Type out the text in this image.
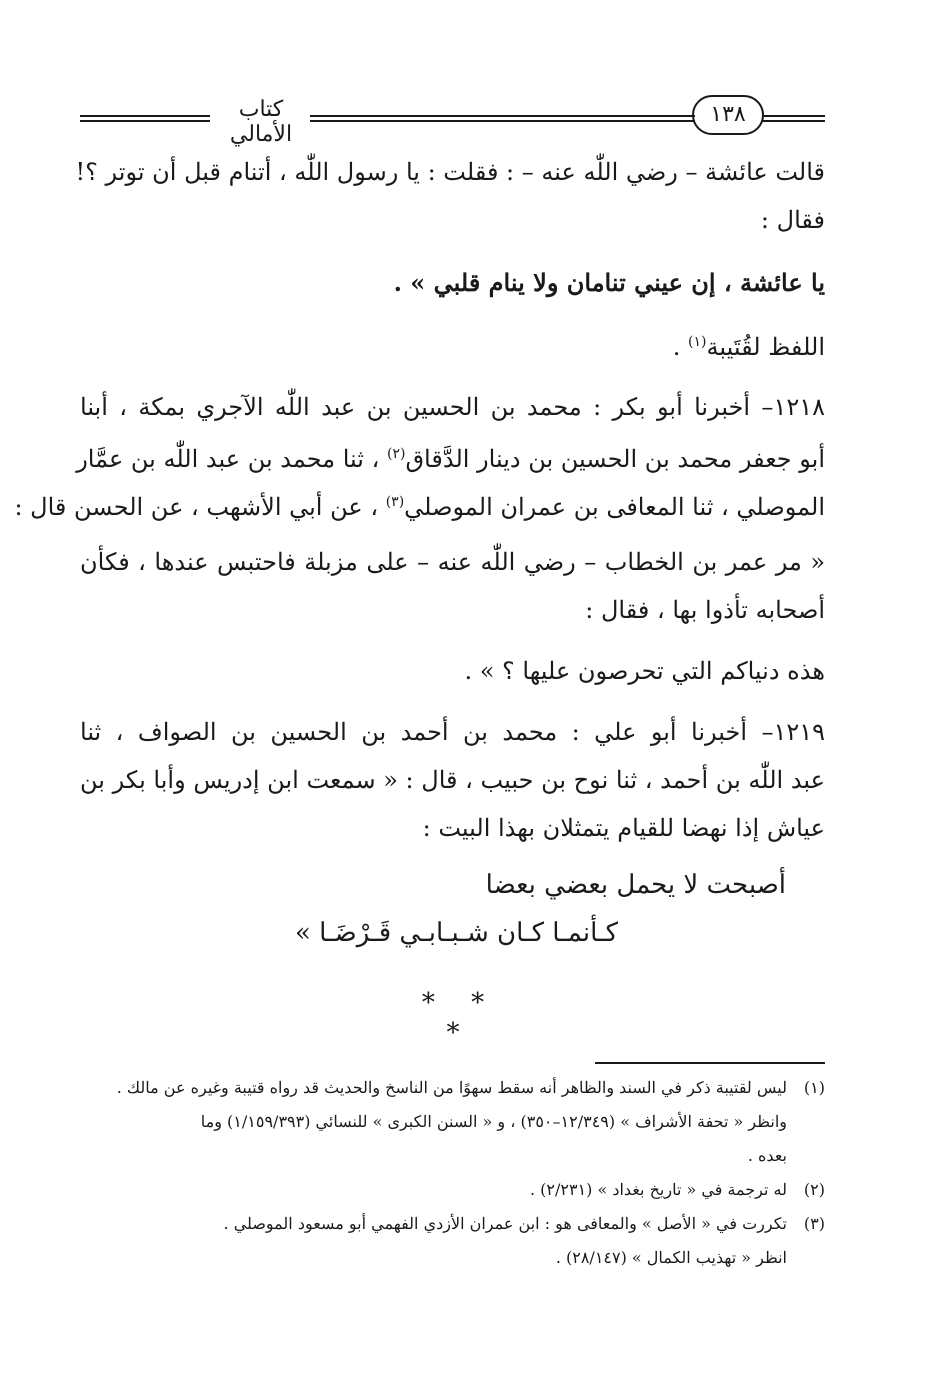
كتاب الأمالي
١٣٨
قالت عائشة – رضي اللّٰه عنه – : فقلت : يا رسول اللّٰه ، أتنام قبل أن توتر ؟!
فقال :
يا عائشة ، إن عيني تنامان ولا ينام قلبي » .
اللفظ لقُتَيبة$^{(١)}$ .
١٢١٨– أخبرنا أبو بكر : محمد بن الحسين بن عبد اللّٰه الآجري بمكة ، أبنا
أبو جعفر محمد بن الحسين بن دينار الدَّقاق$^{(٢)}$ ، ثنا محمد بن عبد اللّٰه بن عمَّار
الموصلي ، ثنا المعافى بن عمران الموصلي$^{(٣)}$ ، عن أبي الأشهب ، عن الحسن قال :
« مر عمر بن الخطاب – رضي اللّٰه عنه – على مزبلة فاحتبس عندها ، فكأن
أصحابه تأذوا بها ، فقال :
هذه دنياكم التي تحرصون عليها ؟ » .
١٢١٩– أخبرنا أبو علي : محمد بن أحمد بن الحسين بن الصواف ، ثنا
عبد اللّٰه بن أحمد ، ثنا نوح بن حبيب ، قال : « سمعت ابن إدريس وأبا بكر بن
عياش إذا نهضا للقيام يتمثلان بهذا البيت :
أصبحت لا يحمل بعضي بعضا
كـأنمـا كـان شـبـابـي قَـرْضَـا »
* * *
(١)ليس لقتيبة ذكر في السند والظاهر أنه سقط سهوًا من الناسخ والحديث قد رواه قتيبة وغيره عن مالك .
وانظر « تحفة الأشراف » (١٢/٣٤٩–٣٥٠) ، و « السنن الكبرى » للنسائي (١/١٥٩/٣٩٣) وما
بعده .
(٢)له ترجمة في « تاريخ بغداد » (٢/٢٣١) .
(٣)تكررت في « الأصل » والمعافى هو : ابن عمران الأزدي الفهمي أبو مسعود الموصلي .
انظر « تهذيب الكمال » (٢٨/١٤٧) .
